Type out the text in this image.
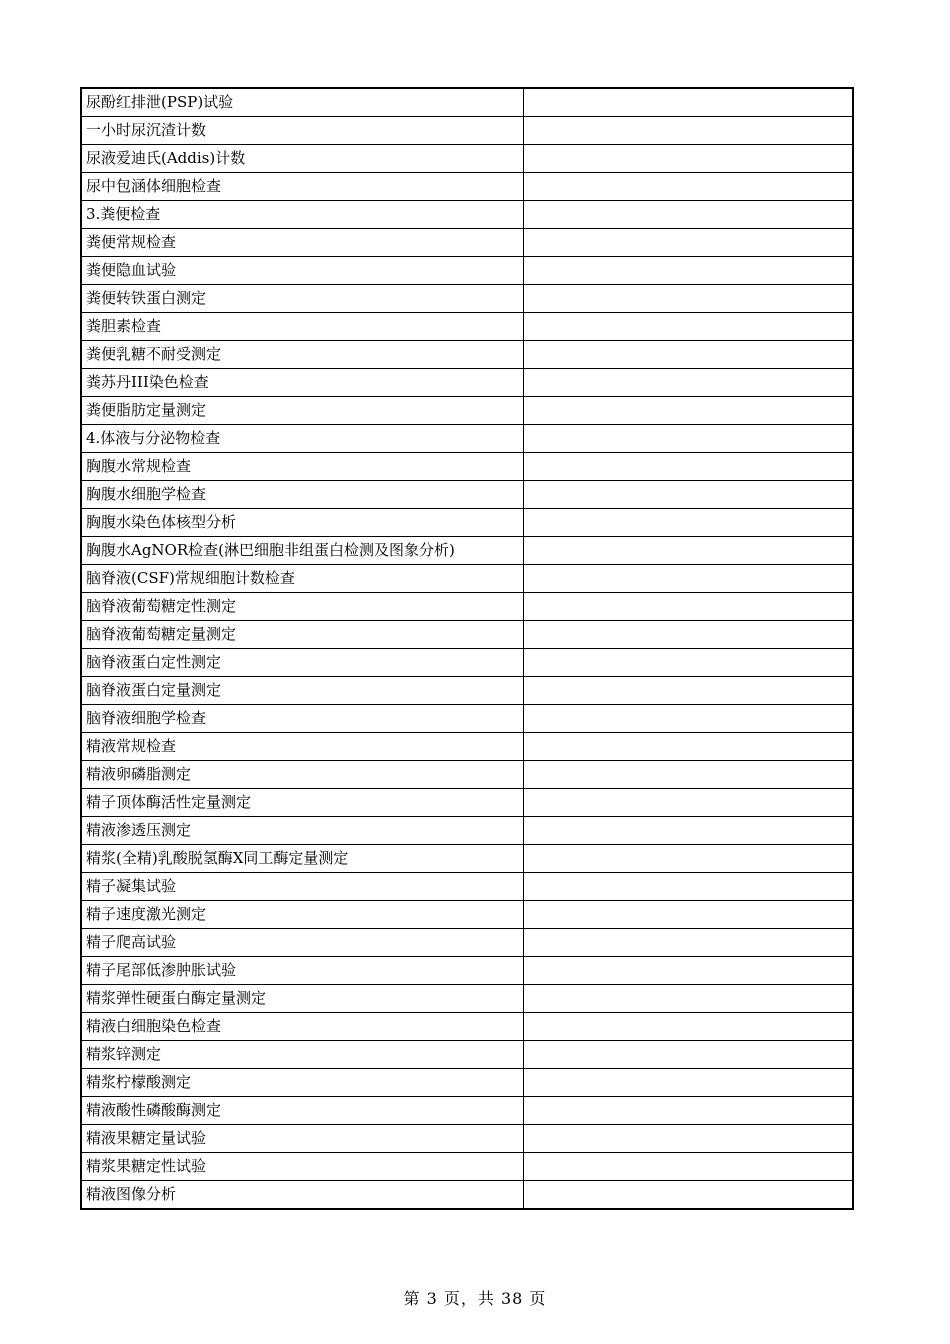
尿酚红排泄(PSP)试验	
一小时尿沉渣计数	
尿液爱迪氏(Addis)计数	
尿中包涵体细胞检查	
3.粪便检查	
粪便常规检查	
粪便隐血试验	
粪便转铁蛋白测定	
粪胆素检查	
粪便乳糖不耐受测定	
粪苏丹III染色检查	
粪便脂肪定量测定	
4.体液与分泌物检查	
胸腹水常规检查	
胸腹水细胞学检查	
胸腹水染色体核型分析	
胸腹水AgNOR检查(淋巴细胞非组蛋白检测及图象分析)	
脑脊液(CSF)常规细胞计数检查	
脑脊液葡萄糖定性测定	
脑脊液葡萄糖定量测定	
脑脊液蛋白定性测定	
脑脊液蛋白定量测定	
脑脊液细胞学检查	
精液常规检查	
精液卵磷脂测定	
精子顶体酶活性定量测定	
精液渗透压测定	
精浆(全精)乳酸脱氢酶X同工酶定量测定	
精子凝集试验	
精子速度激光测定	
精子爬高试验	
精子尾部低渗肿胀试验	
精浆弹性硬蛋白酶定量测定	
精液白细胞染色检查	
精浆锌测定	
精浆柠檬酸测定	
精液酸性磷酸酶测定	
精液果糖定量试验	
精浆果糖定性试验	
精液图像分析	
第 3 页，共 38 页
